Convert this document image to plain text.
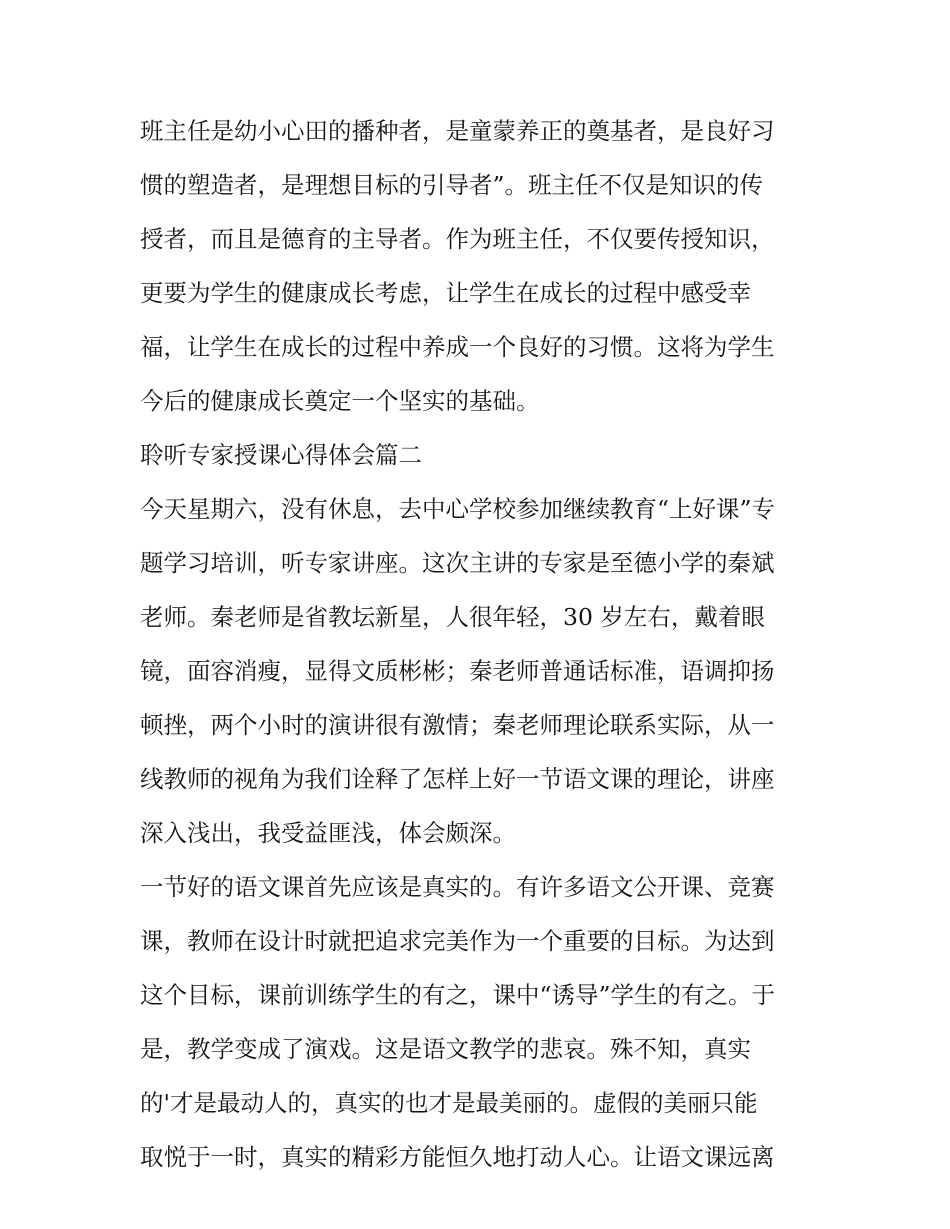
班主任是幼小心田的播种者，是童蒙养正的奠基者，是良好习
惯的塑造者，是理想目标的引导者”。班主任不仅是知识的传
授者，而且是德育的主导者。作为班主任，不仅要传授知识，
更要为学生的健康成长考虑，让学生在成长的过程中感受幸
福，让学生在成长的过程中养成一个良好的习惯。这将为学生
今后的健康成长奠定一个坚实的基础。
聆听专家授课心得体会篇二
今天星期六，没有休息，去中心学校参加继续教育“上好课”专
题学习培训，听专家讲座。这次主讲的专家是至德小学的秦斌
老师。秦老师是省教坛新星，人很年轻，30 岁左右，戴着眼
镜，面容消瘦，显得文质彬彬；秦老师普通话标准，语调抑扬
顿挫，两个小时的演讲很有激情；秦老师理论联系实际，从一
线教师的视角为我们诠释了怎样上好一节语文课的理论，讲座
深入浅出，我受益匪浅，体会颇深。
一节好的语文课首先应该是真实的。有许多语文公开课、竞赛
课，教师在设计时就把追求完美作为一个重要的目标。为达到
这个目标，课前训练学生的有之，课中“诱导”学生的有之。于
是，教学变成了演戏。这是语文教学的悲哀。殊不知，真实
的'才是最动人的，真实的也才是最美丽的。虚假的美丽只能
取悦于一时，真实的精彩方能恒久地打动人心。让语文课远离
